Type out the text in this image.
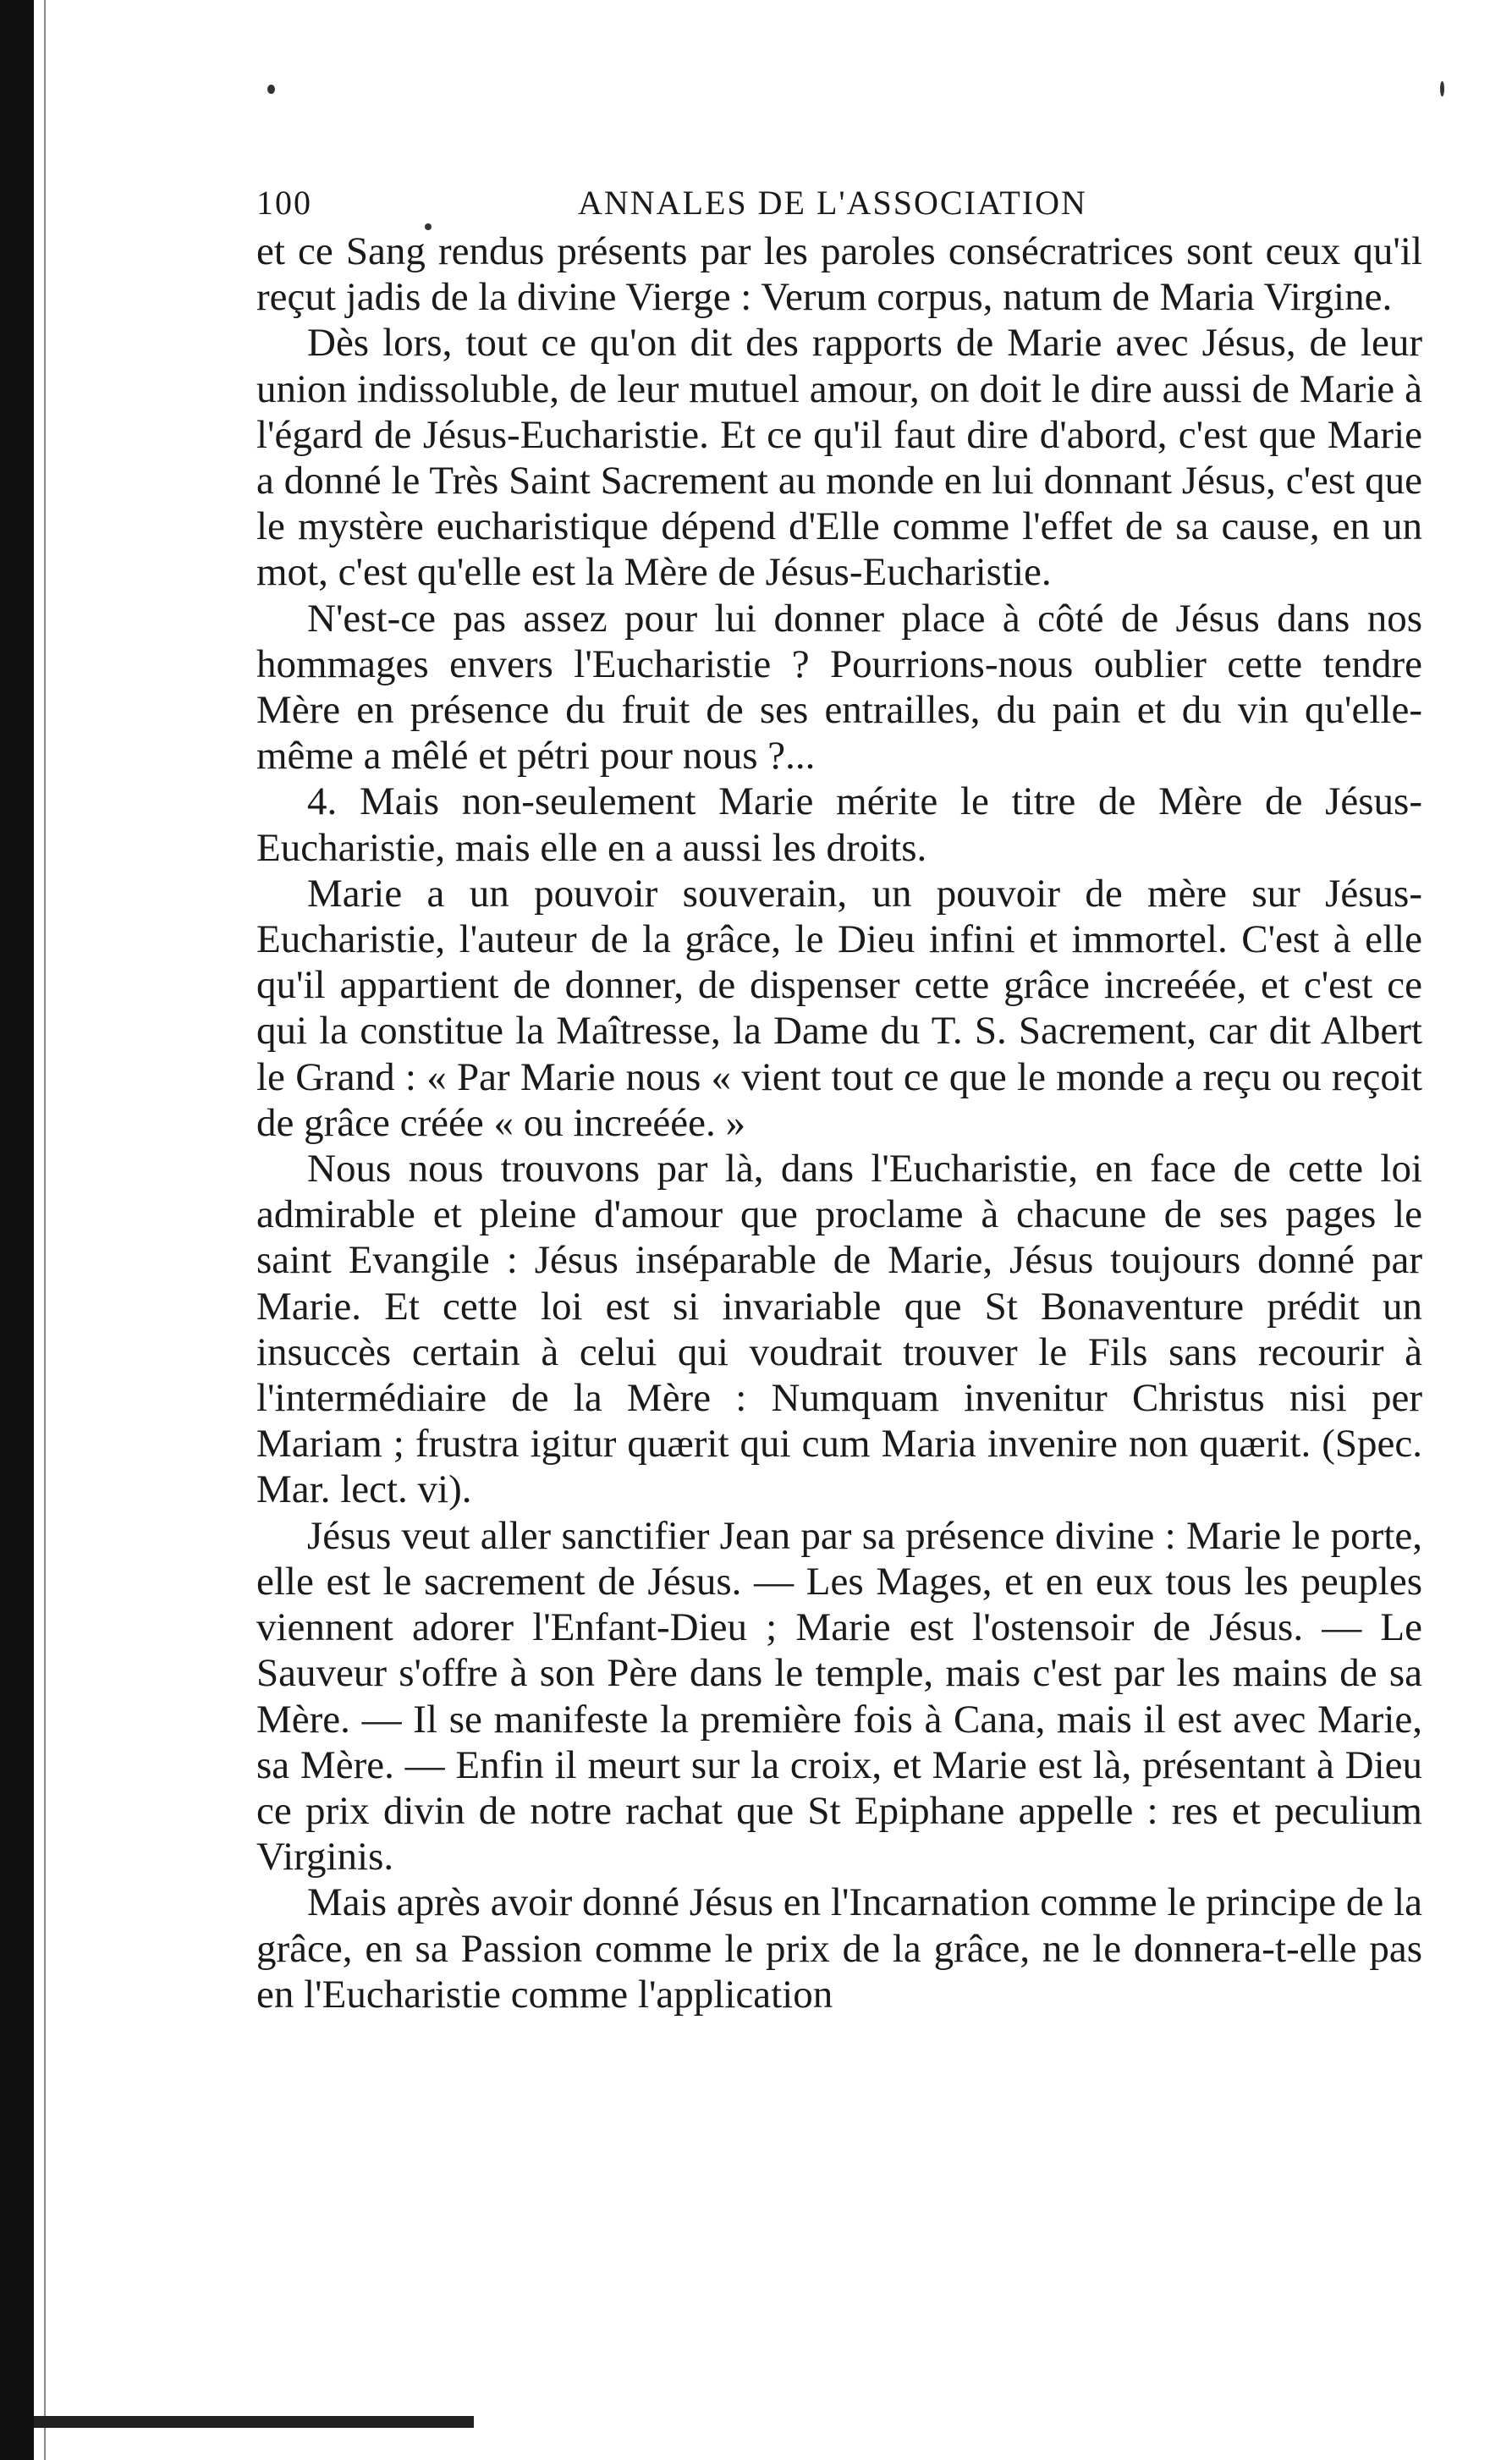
100	ANNALES DE L'ASSOCIATION

et ce Sang rendus présents par les paroles consécratrices sont ceux qu'il reçut jadis de la divine Vierge : Verum corpus, natum de Maria Virgine.

Dès lors, tout ce qu'on dit des rapports de Marie avec Jésus, de leur union indissoluble, de leur mutuel amour, on doit le dire aussi de Marie à l'égard de Jésus-Eucharistie. Et ce qu'il faut dire d'abord, c'est que Marie a donné le Très Saint Sacrement au monde en lui donnant Jésus, c'est que le mystère eucharistique dépend d'Elle comme l'effet de sa cause, en un mot, c'est qu'elle est la Mère de Jésus-Eucharistie.

N'est-ce pas assez pour lui donner place à côté de Jésus dans nos hommages envers l'Eucharistie ? Pourrions-nous oublier cette tendre Mère en présence du fruit de ses entrailles, du pain et du vin qu'elle-même a mêlé et pétri pour nous ?...

4. Mais non-seulement Marie mérite le titre de Mère de Jésus-Eucharistie, mais elle en a aussi les droits.

Marie a un pouvoir souverain, un pouvoir de mère sur Jésus-Eucharistie, l'auteur de la grâce, le Dieu infini et immortel. C'est à elle qu'il appartient de donner, de dispenser cette grâce increéée, et c'est ce qui la constitue la Maîtresse, la Dame du T. S. Sacrement, car dit Albert le Grand : « Par Marie nous « vient tout ce que le monde a reçu ou reçoit de grâce créée « ou increéée. »

Nous nous trouvons par là, dans l'Eucharistie, en face de cette loi admirable et pleine d'amour que proclame à chacune de ses pages le saint Evangile : Jésus inséparable de Marie, Jésus toujours donné par Marie. Et cette loi est si invariable que St Bonaventure prédit un insuccès certain à celui qui voudrait trouver le Fils sans recourir à l'intermédiaire de la Mère : Numquam invenitur Christus nisi per Mariam ; frustra igitur quærit qui cum Maria invenire non quærit. (Spec. Mar. lect. vi).

Jésus veut aller sanctifier Jean par sa présence divine : Marie le porte, elle est le sacrement de Jésus. — Les Mages, et en eux tous les peuples viennent adorer l'Enfant-Dieu ; Marie est l'ostensoir de Jésus. — Le Sauveur s'offre à son Père dans le temple, mais c'est par les mains de sa Mère. — Il se manifeste la première fois à Cana, mais il est avec Marie, sa Mère. — Enfin il meurt sur la croix, et Marie est là, présentant à Dieu ce prix divin de notre rachat que St Epiphane appelle : res et peculium Virginis.

Mais après avoir donné Jésus en l'Incarnation comme le principe de la grâce, en sa Passion comme le prix de la grâce, ne le donnera-t-elle pas en l'Eucharistie comme l'application
